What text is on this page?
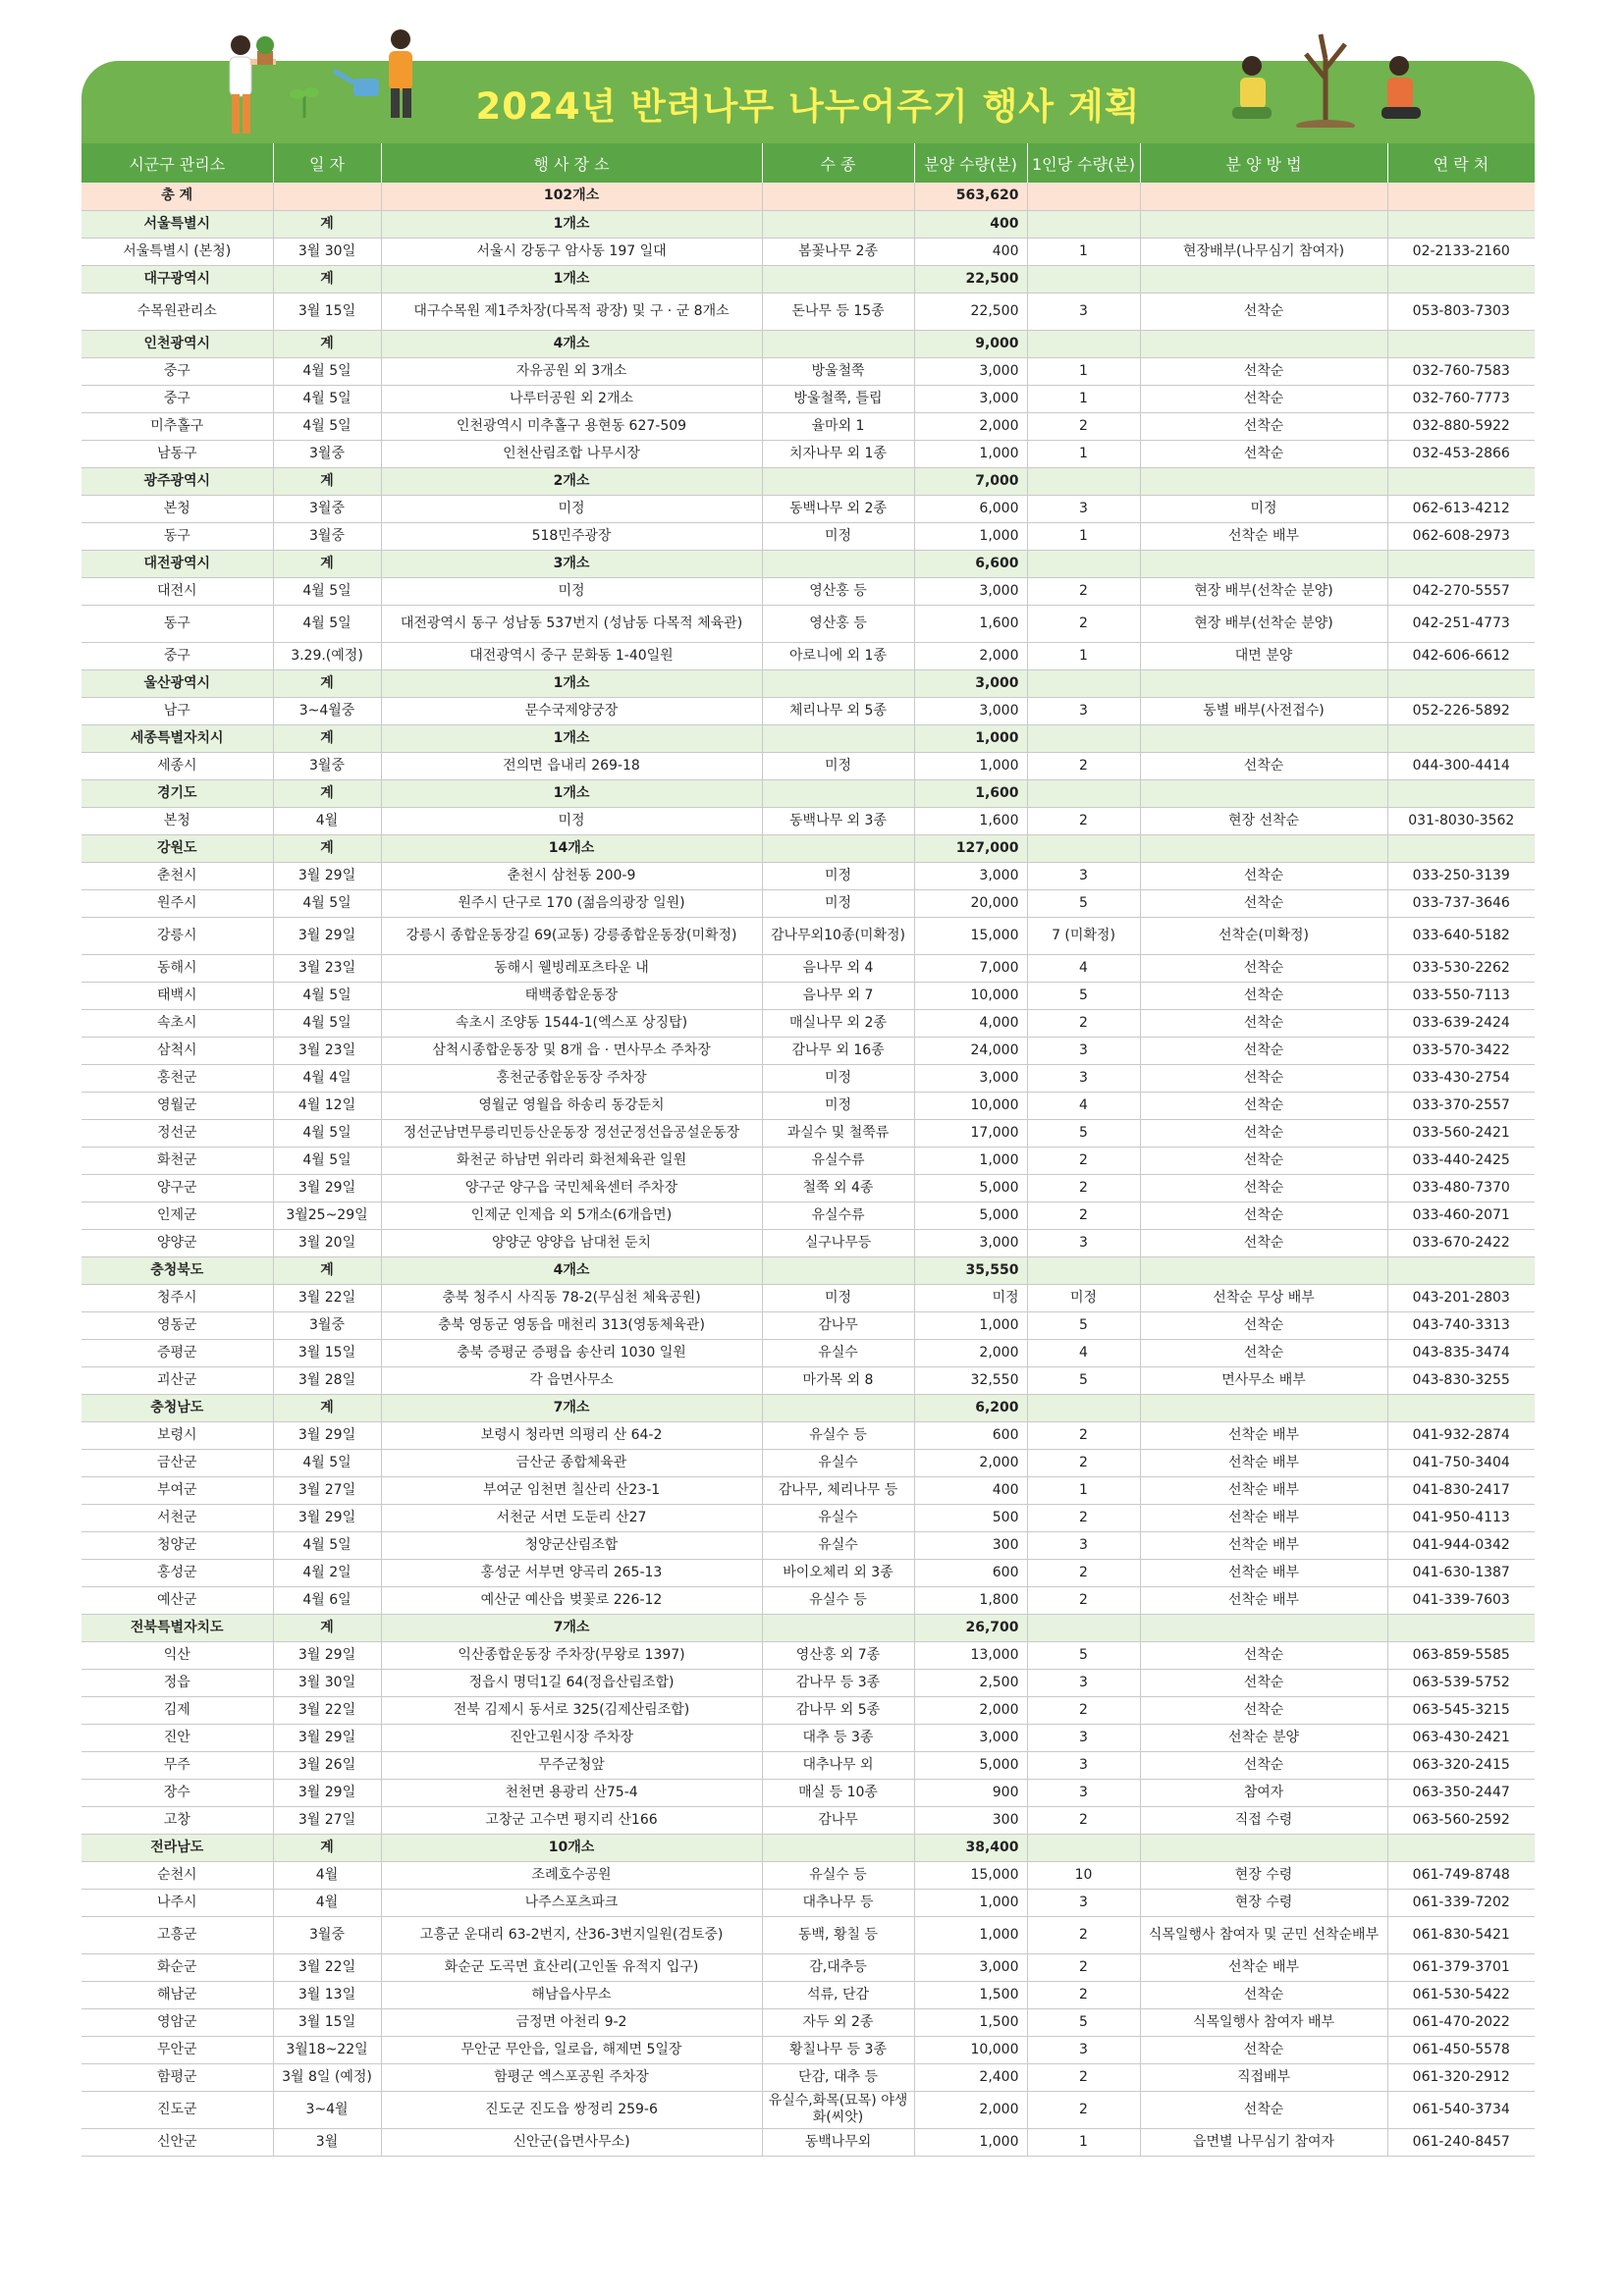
2024년 반려나무 나누어주기 행사 계획
시군구 관리소	일 자	행 사 장 소	수 종	분양 수량(본)	1인당 수량(본)	분 양 방 법	연 락 처
총 계		102개소		563,620			
서울특별시	계	1개소		400			
서울특별시 (본청)	3월 30일	서울시 강동구 암사동 197 일대	봄꽃나무 2종	400	1	현장배부(나무심기 참여자)	02-2133-2160
대구광역시	계	1개소		22,500			
수목원관리소	3월 15일	대구수목원 제1주차장(다목적 광장) 및 구 · 군 8개소	돈나무 등 15종	22,500	3	선착순	053-803-7303
인천광역시	계	4개소		9,000			
중구	4월 5일	자유공원 외 3개소	방울철쭉	3,000	1	선착순	032-760-7583
중구	4월 5일	나루터공원 외 2개소	방울철쭉, 틀립	3,000	1	선착순	032-760-7773
미추홀구	4월 5일	인천광역시 미추홀구 용현동 627-509	율마외 1	2,000	2	선착순	032-880-5922
남동구	3월중	인천산림조합 나무시장	치자나무 외 1종	1,000	1	선착순	032-453-2866
광주광역시	계	2개소		7,000			
본청	3월중	미정	동백나무 외 2종	6,000	3	미정	062-613-4212
동구	3월중	518민주광장	미정	1,000	1	선착순 배부	062-608-2973
대전광역시	계	3개소		6,600			
대전시	4월 5일	미정	영산홍 등	3,000	2	현장 배부(선착순 분양)	042-270-5557
동구	4월 5일	대전광역시 동구 성남동 537번지 (성남동 다목적 체육관)	영산홍 등	1,600	2	현장 배부(선착순 분양)	042-251-4773
중구	3.29.(예정)	대전광역시 중구 문화동 1-40일원	아로니에 외 1종	2,000	1	대면 분양	042-606-6612
울산광역시	계	1개소		3,000			
남구	3~4월중	문수국제양궁장	체리나무 외 5종	3,000	3	동별 배부(사전접수)	052-226-5892
세종특별자치시	계	1개소		1,000			
세종시	3월중	전의면 읍내리 269-18	미정	1,000	2	선착순	044-300-4414
경기도	계	1개소		1,600			
본청	4월	미정	동백나무 외 3종	1,600	2	현장 선착순	031-8030-3562
강원도	계	14개소		127,000			
춘천시	3월 29일	춘천시 삼천동 200-9	미정	3,000	3	선착순	033-250-3139
원주시	4월 5일	원주시 단구로 170 (젊음의광장 일원)	미정	20,000	5	선착순	033-737-3646
강릉시	3월 29일	강릉시 종합운동장길 69(교동) 강릉종합운동장(미확정)	감나무외10종(미확정)	15,000	7 (미확정)	선착순(미확정)	033-640-5182
동해시	3월 23일	동해시 웰빙레포츠타운 내	음나무 외 4	7,000	4	선착순	033-530-2262
태백시	4월 5일	태백종합운동장	음나무 외 7	10,000	5	선착순	033-550-7113
속초시	4월 5일	속초시 조양동 1544-1(엑스포 상징탑)	매실나무 외 2종	4,000	2	선착순	033-639-2424
삼척시	3월 23일	삼척시종합운동장 및 8개 읍 · 면사무소 주차장	감나무 외 16종	24,000	3	선착순	033-570-3422
홍천군	4월 4일	홍천군종합운동장 주차장	미정	3,000	3	선착순	033-430-2754
영월군	4월 12일	영월군 영월읍 하송리 동강둔치	미정	10,000	4	선착순	033-370-2557
정선군	4월 5일	정선군남면무릉리민등산운동장 정선군정선읍공설운동장	과실수 및 철쭉류	17,000	5	선착순	033-560-2421
화천군	4월 5일	화천군 하남면 위라리 화천체육관 일원	유실수류	1,000	2	선착순	033-440-2425
양구군	3월 29일	양구군 양구읍 국민체육센터 주차장	철쭉 외 4종	5,000	2	선착순	033-480-7370
인제군	3월25~29일	인제군 인제읍 외 5개소(6개읍면)	유실수류	5,000	2	선착순	033-460-2071
양양군	3월 20일	양양군 양양읍 남대천 둔치	실구나무등	3,000	3	선착순	033-670-2422
충청북도	계	4개소		35,550			
청주시	3월 22일	충북 청주시 사직동 78-2(무심천 체육공원)	미정	미정	미정	선착순 무상 배부	043-201-2803
영동군	3월중	충북 영동군 영동읍 매천리 313(영동체육관)	감나무	1,000	5	선착순	043-740-3313
증평군	3월 15일	충북 증평군 증평읍 송산리 1030 일원	유실수	2,000	4	선착순	043-835-3474
괴산군	3월 28일	각 읍면사무소	마가목 외 8	32,550	5	면사무소 배부	043-830-3255
충청남도	계	7개소		6,200			
보령시	3월 29일	보령시 청라면 의평리 산 64-2	유실수 등	600	2	선착순 배부	041-932-2874
금산군	4월 5일	금산군 종합체육관	유실수	2,000	2	선착순 배부	041-750-3404
부여군	3월 27일	부여군 임천면 칠산리 산23-1	감나무, 체리나무 등	400	1	선착순 배부	041-830-2417
서천군	3월 29일	서천군 서면 도둔리 산27	유실수	500	2	선착순 배부	041-950-4113
청양군	4월 5일	청양군산림조합	유실수	300	3	선착순 배부	041-944-0342
홍성군	4월 2일	홍성군 서부면 양곡리 265-13	바이오체리 외 3종	600	2	선착순 배부	041-630-1387
예산군	4월 6일	예산군 예산읍 벚꽃로 226-12	유실수 등	1,800	2	선착순 배부	041-339-7603
전북특별자치도	계	7개소		26,700			
익산	3월 29일	익산종합운동장 주차장(무왕로 1397)	영산홍 외 7종	13,000	5	선착순	063-859-5585
정읍	3월 30일	정읍시 명덕1길 64(정읍산림조합)	감나무 등 3종	2,500	3	선착순	063-539-5752
김제	3월 22일	전북 김제시 동서로 325(김제산림조합)	감나무 외 5종	2,000	2	선착순	063-545-3215
진안	3월 29일	진안고원시장 주차장	대추 등 3종	3,000	3	선착순 분양	063-430-2421
무주	3월 26일	무주군청앞	대추나무 외	5,000	3	선착순	063-320-2415
장수	3월 29일	천천면 용광리 산75-4	매실 등 10종	900	3	참여자	063-350-2447
고창	3월 27일	고창군 고수면 평지리 산166	감나무	300	2	직접 수령	063-560-2592
전라남도	계	10개소		38,400			
순천시	4월	조례호수공원	유실수 등	15,000	10	현장 수령	061-749-8748
나주시	4월	나주스포츠파크	대추나무 등	1,000	3	현장 수령	061-339-7202
고흥군	3월중	고흥군 운대리 63-2번지, 산36-3번지일원(검토중)	동백, 황칠 등	1,000	2	식목일행사 참여자 및 군민 선착순배부	061-830-5421
화순군	3월 22일	화순군 도곡면 효산리(고인돌 유적지 입구)	감,대추등	3,000	2	선착순 배부	061-379-3701
해남군	3월 13일	해남읍사무소	석류, 단감	1,500	2	선착순	061-530-5422
영암군	3월 15일	금정면 아천리 9-2	자두 외 2종	1,500	5	식목일행사 참여자 배부	061-470-2022
무안군	3월18~22일	무안군 무안읍, 일로읍, 해제면 5일장	황칠나무 등 3종	10,000	3	선착순	061-450-5578
함평군	3월 8일 (예정)	함평군 엑스포공원 주차장	단감, 대추 등	2,400	2	직접배부	061-320-2912
진도군	3~4월	진도군 진도읍 쌍정리 259-6	유실수,화목(묘목) 야생화(씨앗)	2,000	2	선착순	061-540-3734
신안군	3월	신안군(읍면사무소)	동백나무외	1,000	1	읍면별 나무심기 참여자	061-240-8457
